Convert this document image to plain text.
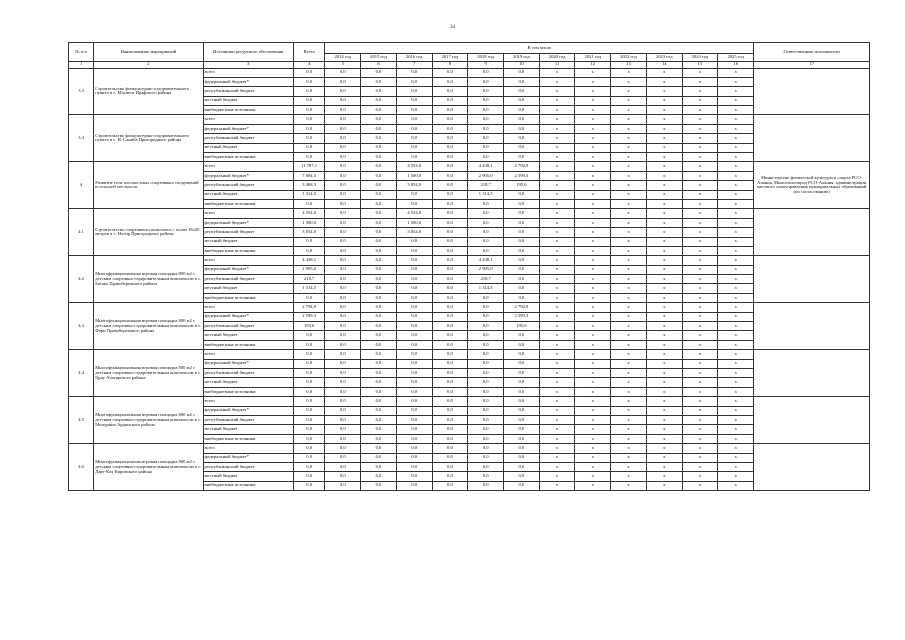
34
№ п/п	Наименование мероприятий	Источники ресурсного обеспечения	Всего	В том числе												Ответственные исполнители
				2014 год	2015 год	2016 год	2017 год	2018 год	2019 год	2020 год	2021 год	2022 год	2023 год	2024 год	2025 год	
1	2	3	4	5	6	7	8	9	10	11	12	13	14	15	16	17
3.3	Строительство физкультурно-оздоровительного пункта в с. Махческ Ирафского района	всего	0,0	0,0	0,0	0,0	0,0	0,0	0,0	х	х	х	х	х	х	
		федеральный бюджет*	0,0	0,0	0,0	0,0	0,0	0,0	0,0	х	х	х	х	х	х	
		республиканский бюджет	0,0	0,0	0,0	0,0	0,0	0,0	0,0	х	х	х	х	х	х	
		местный бюджет	0,0	0,0	0,0	0,0	0,0	0,0	0,0	х	х	х	х	х	х	
		внебюджетные источники	0,0	0,0	0,0	0,0	0,0	0,0	0,0	х	х	х	х	х	х	
3.4	Строительство физкультурно-оздоровительного пункта в с. Н. Саниба Пригородного района	всего	0,0	0,0	0,0	0,0	0,0	0,0	0,0	х	х	х	х	х	х	
		федеральный бюджет*	0,0	0,0	0,0	0,0	0,0	0,0	0,0	х	х	х	х	х	х	
		республиканский бюджет	0,0	0,0	0,0	0,0	0,0	0,0	0,0	х	х	х	х	х	х	
		местный бюджет	0,0	0,0	0,0	0,0	0,0	0,0	0,0	х	х	х	х	х	х	
		внебюджетные источники	0,0	0,0	0,0	0,0	0,0	0,0	0,0	х	х	х	х	х	х	
4	Развитие сети плоскостных спортивных сооружений в сельской местности	всего	11 787,1	0,0	0,0	4 554,0	0,0	4 438,1	2 794,9	х	х	х	х	х	х	Министерство физической культуры и спорта РСО-Алания, Минсельхозпрод РСО-Алания, администрации местного самоуправления муниципальных образований (по согласованию)
		федеральный бюджет*	7 004,3	0,0	0,0	1 500,0	0,0	2 905,0	2 599,3	х	х	х	х	х	х	
		республиканский бюджет	3 468,3	0,0	0,0	3 054,0	0,0	218,7	195,6	х	х	х	х	х	х	
		местный бюджет	1 314,5	0,0	0,0	0,0	0,0	1 314,5	0,0	х	х	х	х	х	х	
		внебюджетные источники	0,0	0,0	0,0	0,0	0,0	0,0	0,0	х	х	х	х	х	х	
4.1	Строительство спортивного комплекса с залом 18х30 метров в с. Ногир Пригородного района	всего	4 554,0	0,0	0,0	4 554,0	0,0	0,0	0,0	х	х	х	х	х	х	
		федеральный бюджет*	1 500,0	0,0	0,0	1 500,0	0,0	0,0	0,0	х	х	х	х	х	х	
		республиканский бюджет	3 054,0	0,0	0,0	3 054,0	0,0	0,0	0,0	х	х	х	х	х	х	
		местный бюджет	0,0	0,0	0,0	0,0	0,0	0,0	0,0	х	х	х	х	х	х	
		внебюджетные источники	0,0	0,0	0,0	0,0	0,0	0,0	0,0	х	х	х	х	х	х	
4.2	Многофункциональная игровая площадка 800 м2 с детским спортивно-оздоровительным комплексом в с. Батако Правобережного района	всего	4 438,1	0,0	0,0	0,0	0,0	4 438,1	0,0	х	х	х	х	х	х	
		федеральный бюджет*	2 905,0	0,0	0,0	0,0	0,0	2 905,0	0,0	х	х	х	х	х	х	
		республиканский бюджет	218,7	0,0	0,0	0,0	0,0	218,7	0,0	х	х	х	х	х	х	
		местный бюджет	1 314,5	0,0	0,0	0,0	0,0	1 314,5	0,0	х	х	х	х	х	х	
		внебюджетные источники	0,0	0,0	0,0	0,0	0,0	0,0	0,0	х	х	х	х	х	х	
4.3	Многофункциональная игровая площадка 800 м2 с детским спортивно-оздоровительным комплексом в с. Фарн Правобережного района	всего	2 794,9	0,0	0,0	0,0	0,0	0,0	2 794,9	х	х	х	х	х	х	
		федеральный бюджет*	2 599,3	0,0	0,0	0,0	0,0	0,0	2 599,3	х	х	х	х	х	х	
		республиканский бюджет	195,6	0,0	0,0	0,0	0,0	0,0	195,6	х	х	х	х	х	х	
		местный бюджет	0,0	0,0	0,0	0,0	0,0	0,0	0,0	х	х	х	х	х	х	
		внебюджетные источники	0,0	0,0	0,0	0,0	0,0	0,0	0,0	х	х	х	х	х	х	
4.4	Многофункциональная игровая площадка 800 м2 с детским спортивно-оздоровительным комплексом в с. Црау Алагирского района	всего	0,0	0,0	0,0	0,0	0,0	0,0	0,0	х	х	х	х	х	х	
		федеральный бюджет*	0,0	0,0	0,0	0,0	0,0	0,0	0,0	х	х	х	х	х	х	
		республиканский бюджет	0,0	0,0	0,0	0,0	0,0	0,0	0,0	х	х	х	х	х	х	
		местный бюджет	0,0	0,0	0,0	0,0	0,0	0,0	0,0	х	х	х	х	х	х	
		внебюджетные источники	0,0	0,0	0,0	0,0	0,0	0,0	0,0	х	х	х	х	х	х	
4.5	Многофункциональная игровая площадка 800 м2 с детским спортивно-оздоровительным комплексом в с. Мичурино Ардонского района	всего	0,0	0,0	0,0	0,0	0,0	0,0	0,0	х	х	х	х	х	х	
		федеральный бюджет*	0,0	0,0	0,0	0,0	0,0	0,0	0,0	х	х	х	х	х	х	
		республиканский бюджет	0,0	0,0	0,0	0,0	0,0	0,0	0,0	х	х	х	х	х	х	
		местный бюджет	0,0	0,0	0,0	0,0	0,0	0,0	0,0	х	х	х	х	х	х	
		внебюджетные источники	0,0	0,0	0,0	0,0	0,0	0,0	0,0	х	х	х	х	х	х	
4.6	Многофункциональная игровая площадка 800 м2 с детским спортивно-оздоровительным комплексом в с. Дарг-Кох Кировского района	всего	0,0	0,0	0,0	0,0	0,0	0,0	0,0	х	х	х	х	х	х	
		федеральный бюджет*	0,0	0,0	0,0	0,0	0,0	0,0	0,0	х	х	х	х	х	х	
		республиканский бюджет	0,0	0,0	0,0	0,0	0,0	0,0	0,0	х	х	х	х	х	х	
		местный бюджет	0,0	0,0	0,0	0,0	0,0	0,0	0,0	х	х	х	х	х	х	
		внебюджетные источники	0,0	0,0	0,0	0,0	0,0	0,0	0,0	х	х	х	х	х	х	
